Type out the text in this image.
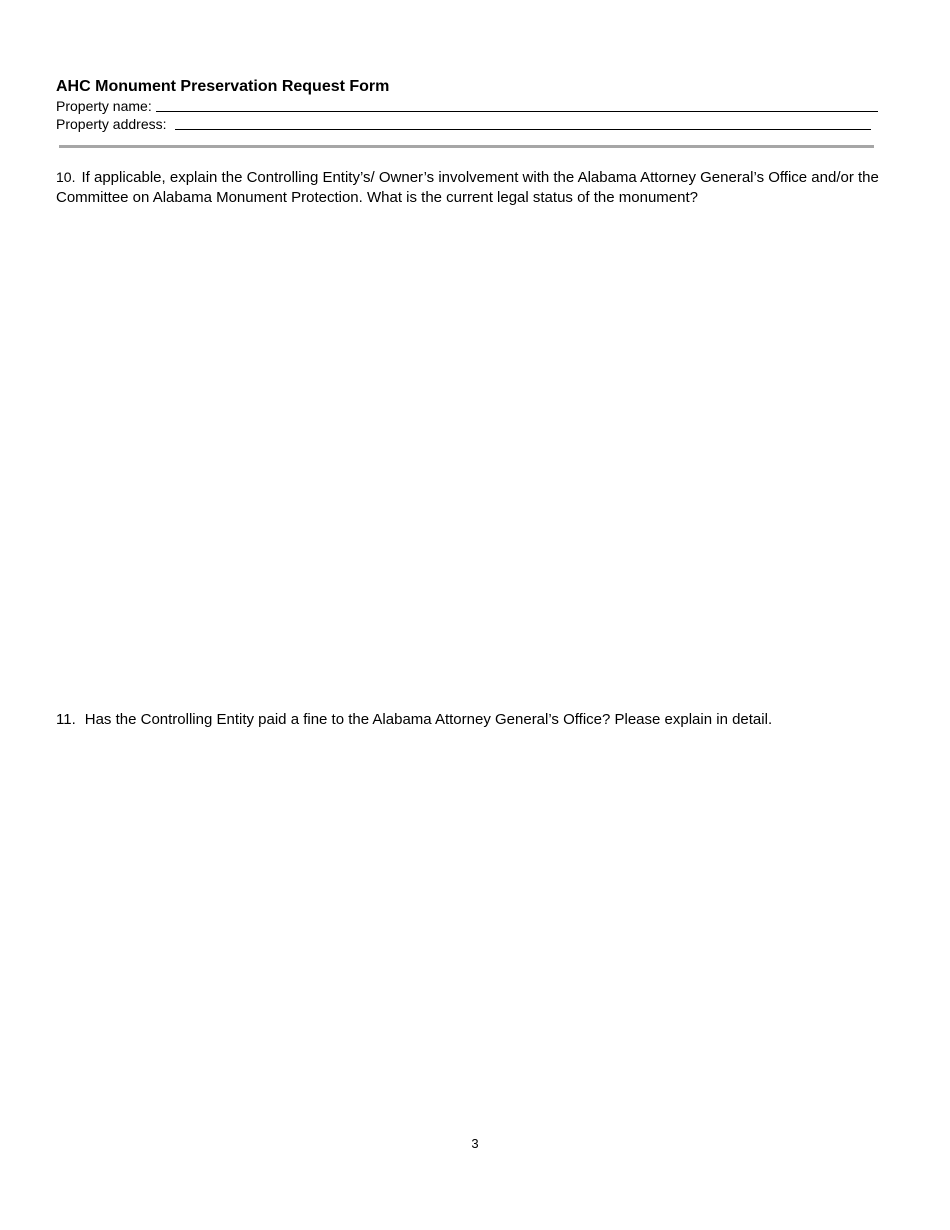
AHC Monument Preservation Request Form
Property name:
Property address:
10. If applicable, explain the Controlling Entity’s/ Owner’s involvement with the Alabama Attorney General’s Office and/or the Committee on Alabama Monument Protection. What is the current legal status of the monument?
11. Has the Controlling Entity paid a fine to the Alabama Attorney General’s Office? Please explain in detail.
3
